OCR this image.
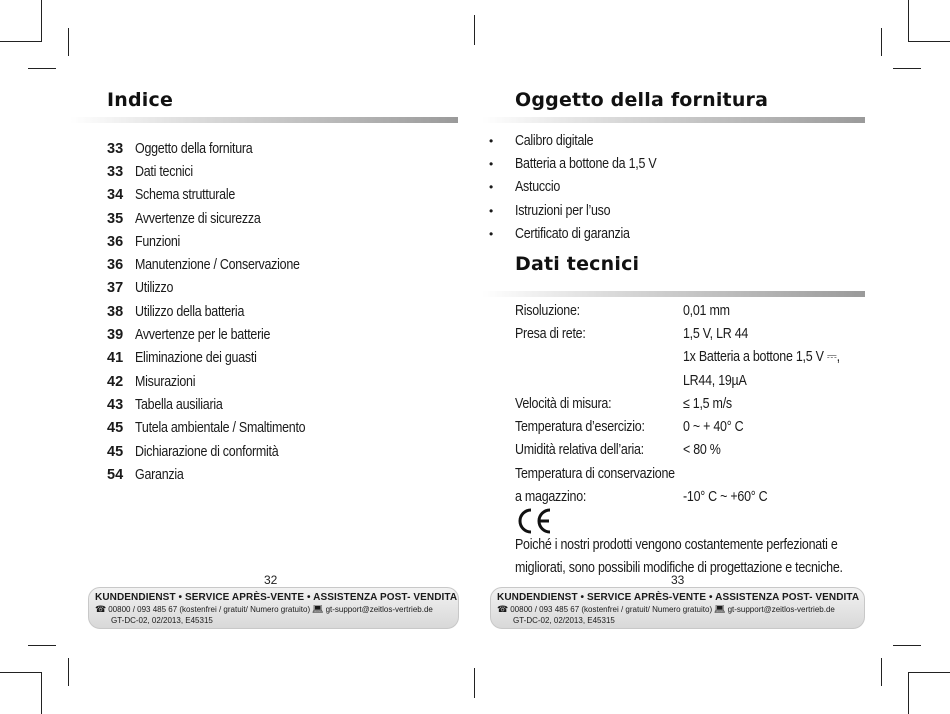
Indice
33 Oggetto della fornitura
33 Dati tecnici
34 Schema strutturale
35 Avvertenze di sicurezza
36 Funzioni
36 Manutenzione / Conservazione
37 Utilizzo
38 Utilizzo della batteria
39 Avvertenze per le batterie
41 Eliminazione dei guasti
42 Misurazioni
43 Tabella ausiliaria
45 Tutela ambientale / Smaltimento
45 Dichiarazione di conformità
54 Garanzia
32
KUNDENDIENST • SERVICE APRÈS-VENTE • ASSISTENZA POST- VENDITA
☎ 00800 / 093 485 67 (kostenfrei / gratuit/ Numero gratuito) 💻︎ gt-support@zeitlos-vertrieb.de
GT-DC-02, 02/2013, E45315
Oggetto della fornitura
•	Calibro digitale
•	Batteria a bottone da 1,5 V
•	Astuccio
•	Istruzioni per l’uso
•	Certificato di garanzia
Dati tecnici
Risoluzione:	0,01 mm
Presa di rete:	1,5 V, LR 44
1x Batteria a bottone 1,5 V ⎓,
LR44, 19µA
Velocità di misura:	≤ 1,5 m/s
Temperatura d’esercizio:	0 ~ + 40° C
Umidità relativa dell’aria:	< 80 %
Temperatura di conservazione
a magazzino:	-10° C ~ +60° C
Poiché i nostri prodotti vengono costantemente perfezionati e
migliorati, sono possibili modifiche di progettazione e tecniche.
33
KUNDENDIENST • SERVICE APRÈS-VENTE • ASSISTENZA POST- VENDITA
☎ 00800 / 093 485 67 (kostenfrei / gratuit/ Numero gratuito) 💻︎ gt-support@zeitlos-vertrieb.de
GT-DC-02, 02/2013, E45315
